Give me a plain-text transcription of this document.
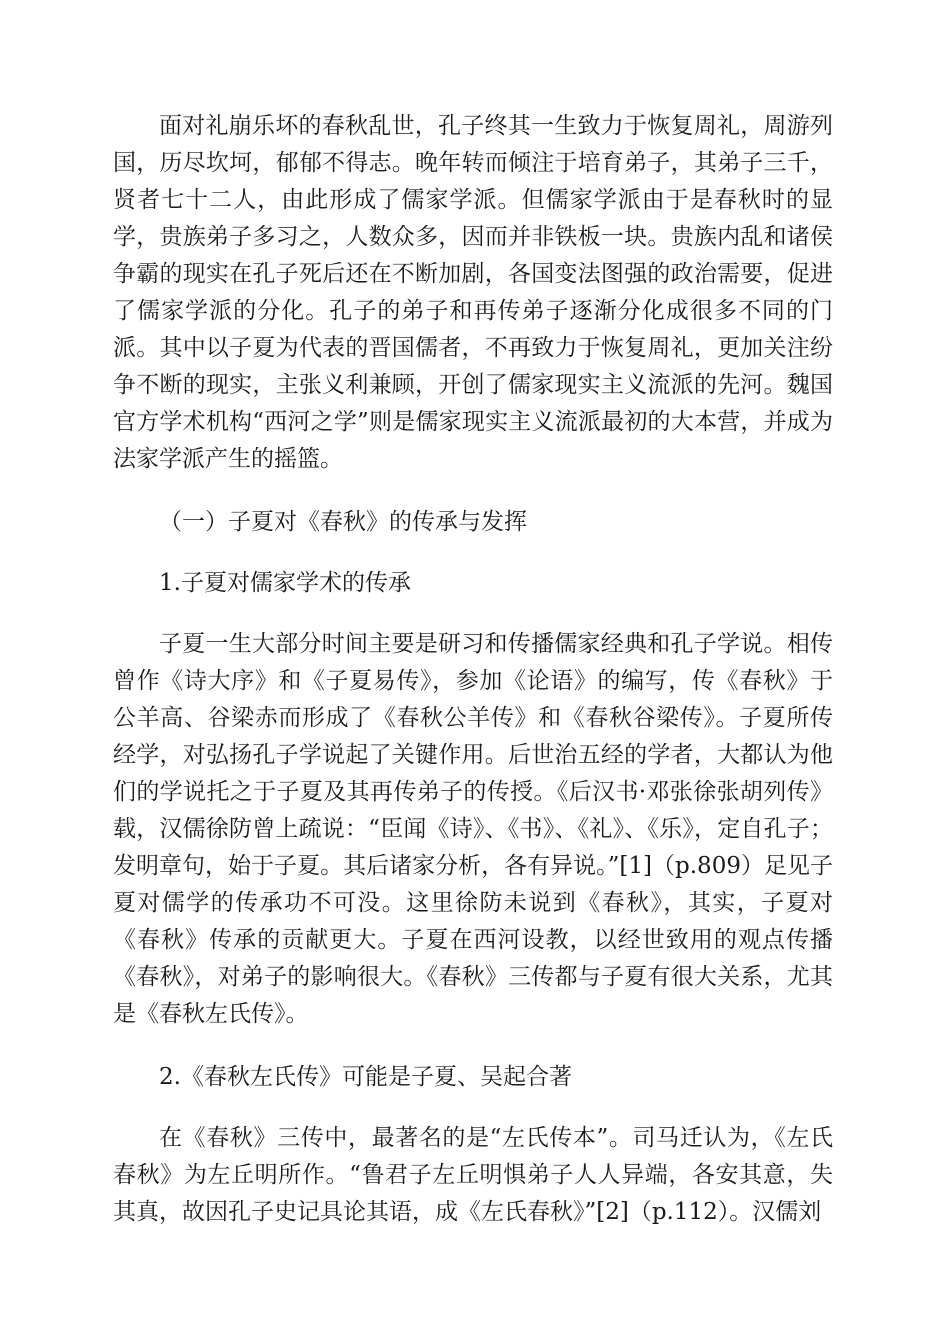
面对礼崩乐坏的春秋乱世，孔子终其一生致力于恢复周礼，周游列国，历尽坎坷，郁郁不得志。晚年转而倾注于培育弟子，其弟子三千，贤者七十二人，由此形成了儒家学派。但儒家学派由于是春秋时的显学，贵族弟子多习之，人数众多，因而并非铁板一块。贵族内乱和诸侯争霸的现实在孔子死后还在不断加剧，各国变法图强的政治需要，促进了儒家学派的分化。孔子的弟子和再传弟子逐渐分化成很多不同的门派。其中以子夏为代表的晋国儒者，不再致力于恢复周礼，更加关注纷争不断的现实，主张义利兼顾，开创了儒家现实主义流派的先河。魏国官方学术机构“西河之学”则是儒家现实主义流派最初的大本营，并成为法家学派产生的摇篮。

（一）子夏对《春秋》的传承与发挥

1.子夏对儒家学术的传承

子夏一生大部分时间主要是研习和传播儒家经典和孔子学说。相传曾作《诗大序》和《子夏易传》，参加《论语》的编写，传《春秋》于公羊高、谷梁赤而形成了《春秋公羊传》和《春秋谷梁传》。子夏所传经学，对弘扬孔子学说起了关键作用。后世治五经的学者，大都认为他们的学说托之于子夏及其再传弟子的传授。《后汉书·邓张徐张胡列传》载，汉儒徐防曾上疏说：“臣闻《诗》、《书》、《礼》、《乐》，定自孔子；发明章句，始于子夏。其后诸家分析，各有异说。”[1]（p.809）足见子夏对儒学的传承功不可没。这里徐防未说到《春秋》，其实，子夏对《春秋》传承的贡献更大。子夏在西河设教，以经世致用的观点传播《春秋》，对弟子的影响很大。《春秋》三传都与子夏有很大关系，尤其是《春秋左氏传》。

2.《春秋左氏传》可能是子夏、吴起合著

在《春秋》三传中，最著名的是“左氏传本”。司马迁认为，《左氏春秋》为左丘明所作。“鲁君子左丘明惧弟子人人异端，各安其意，失其真，故因孔子史记具论其语，成《左氏春秋》”[2]（p.112）。汉儒刘
